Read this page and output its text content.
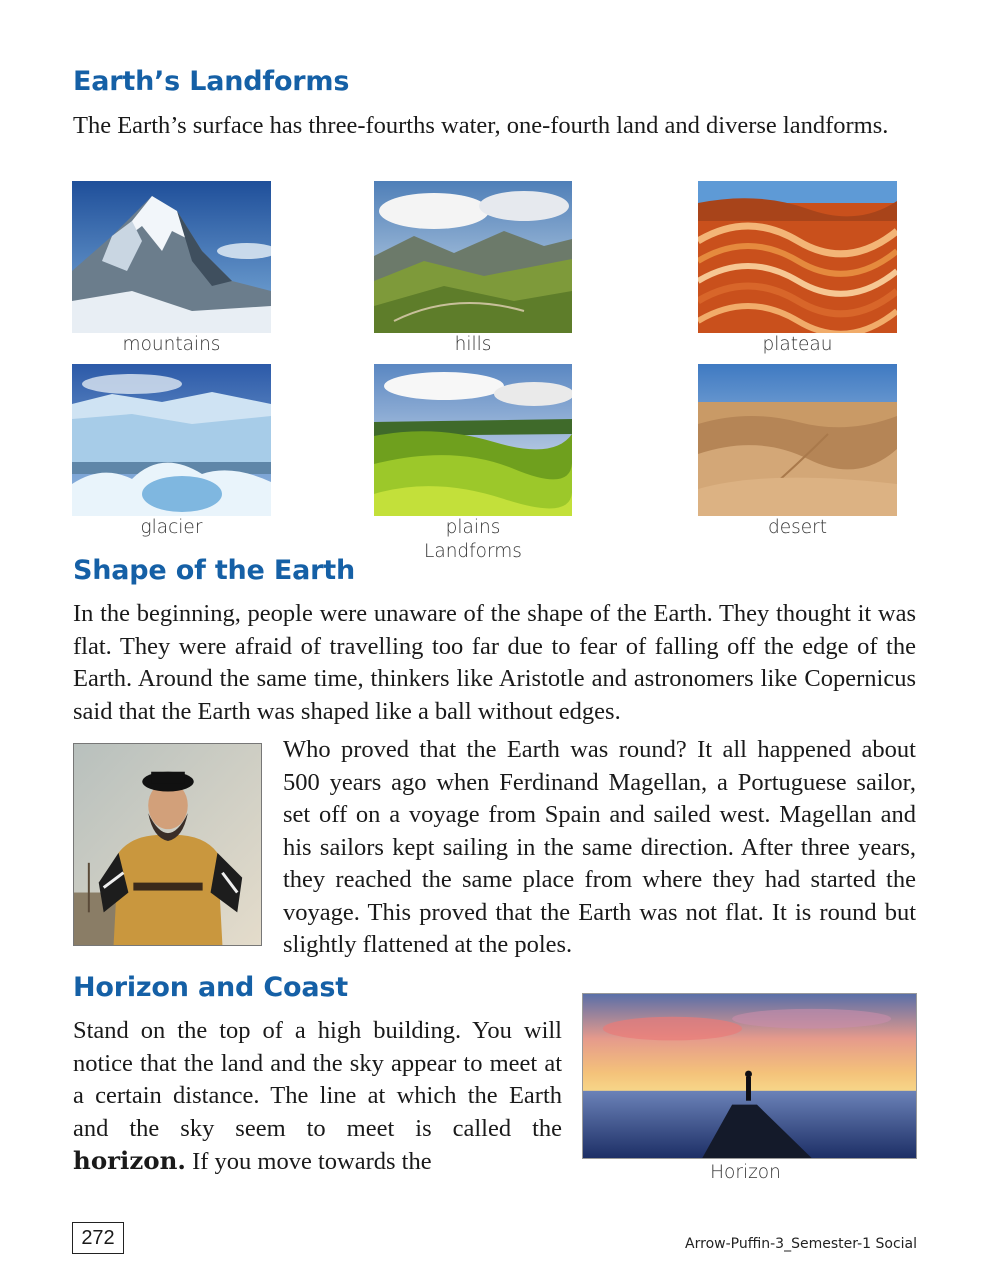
Earth’s Landforms

The Earth’s surface has three-fourths water, one-fourth land and diverse landforms.

mountains	hills	plateau
glacier	plains	desert
Landforms
Shape of the Earth

In the beginning, people were unaware of the shape of the Earth. They thought it was flat. They were afraid of travelling too far due to fear of falling off the edge of the Earth. Around the same time, thinkers like Aristotle and astronomers like Copernicus said that the Earth was shaped like a ball without edges.

Who proved that the Earth was round? It all happened about 500 years ago when Ferdinand Magellan, a Portuguese sailor, set off on a voyage from Spain and sailed west. Magellan and his sailors kept sailing in the same direction. After three years, they reached the same place from where they had started the voyage. This proved that the Earth was not flat. It is round but slightly flattened at the poles.

Horizon and Coast

Stand on the top of a high building. You will notice that the land and the sky appear to meet at a certain distance. The line at which the Earth and the sky seem to meet is called the horizon. If you move towards the	Horizon
272	Arrow-Puffin-3_Semester-1 Social
